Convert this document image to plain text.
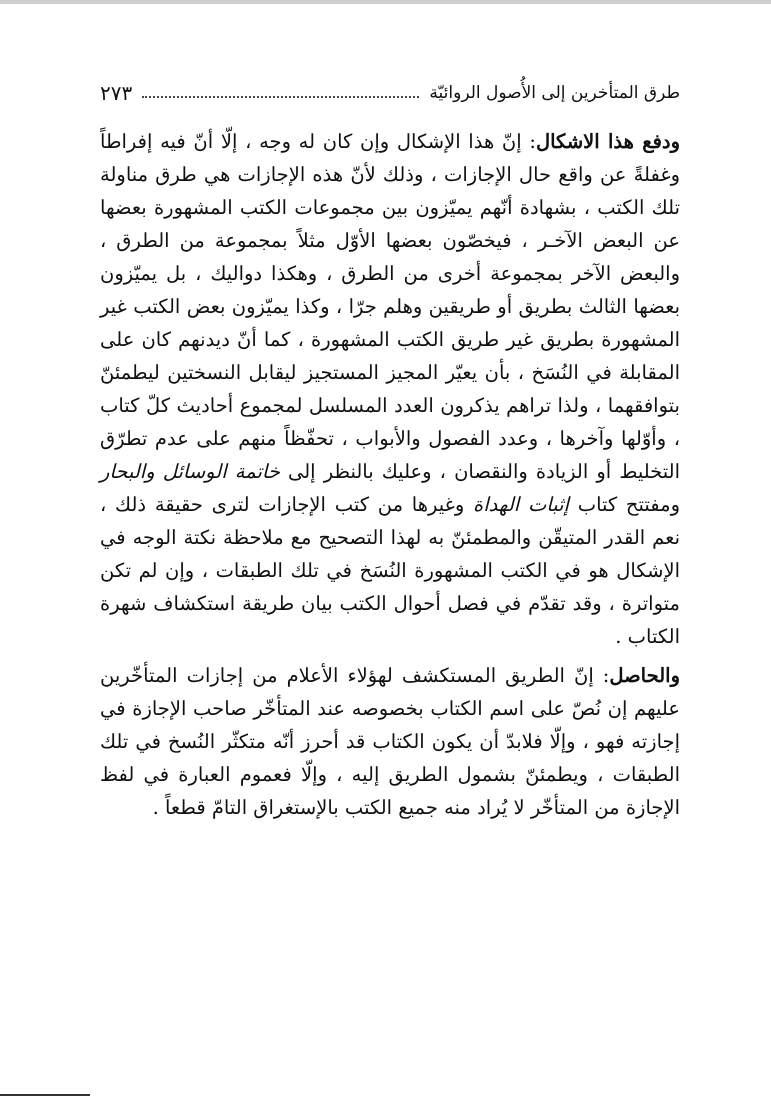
طرق المتأخرين إلى الأُصول الروائيّة
٢٧٣

ودفع هذا الاشكال: إنّ هذا الإشكال وإن كان له وجه ، إلّا أنّ فيه إفراطاً وغفلةً عن واقع حال الإجازات ، وذلك لأنّ هذه الإجازات هي طرق مناولة تلك الكتب ، بشهادة أنّهم يميّزون بين مجموعات الكتب المشهورة بعضها عن البعض الآخـر ، فيخصّون بعضها الأوّل مثلاً بمجموعة من الطرق ، والبعض الآخر بمجموعة أخرى من الطرق ، وهكذا دواليك ، بل يميّزون بعضها الثالث بطريق أو طريقين وهلم جرّا ، وكذا يميّزون بعض الكتب غير المشهورة بطريق غير طريق الكتب المشهورة ، كما أنّ ديدنهم كان على المقابلة في النُسَخ ، بأن يعيّر المجيز المستجيز ليقابل النسختين ليطمئنّ بتوافقهما ، ولذا تراهم يذكرون العدد المسلسل لمجموع أحاديث كلّ كتاب ، وأوّلها وآخرها ، وعدد الفصول والأبواب ، تحفّظاً منهم على عدم تطرّق التخليط أو الزيادة والنقصان ، وعليك بالنظر إلى خاتمة الوسائل والبحار ومفتتح كتاب إثبات الهداة وغيرها من كتب الإجازات لترى حقيقة ذلك ، نعم القدر المتيقّن والمطمئنّ به لهذا التصحيح مع ملاحظة نكتة الوجه في الإشكال هو في الكتب المشهورة النُسَخ في تلك الطبقات ، وإن لم تكن متواترة ، وقد تقدّم في فصل أحوال الكتب بيان طريقة استكشاف شهرة الكتاب .

والحاصل: إنّ الطريق المستكشف لهؤلاء الأعلام من إجازات المتأخّرين عليهم إن نُصّ على اسم الكتاب بخصوصه عند المتأخّر صاحب الإجازة في إجازته فهو ، وإلّا فلابدّ أن يكون الكتاب قد أحرز أنّه متكثّر النُسخ في تلك الطبقات ، ويطمئنّ بشمول الطريق إليه ، وإلّا فعموم العبارة في لفظ الإجازة من المتأخّر لا يُراد منه جميع الكتب بالإستغراق التامّ قطعاً .
